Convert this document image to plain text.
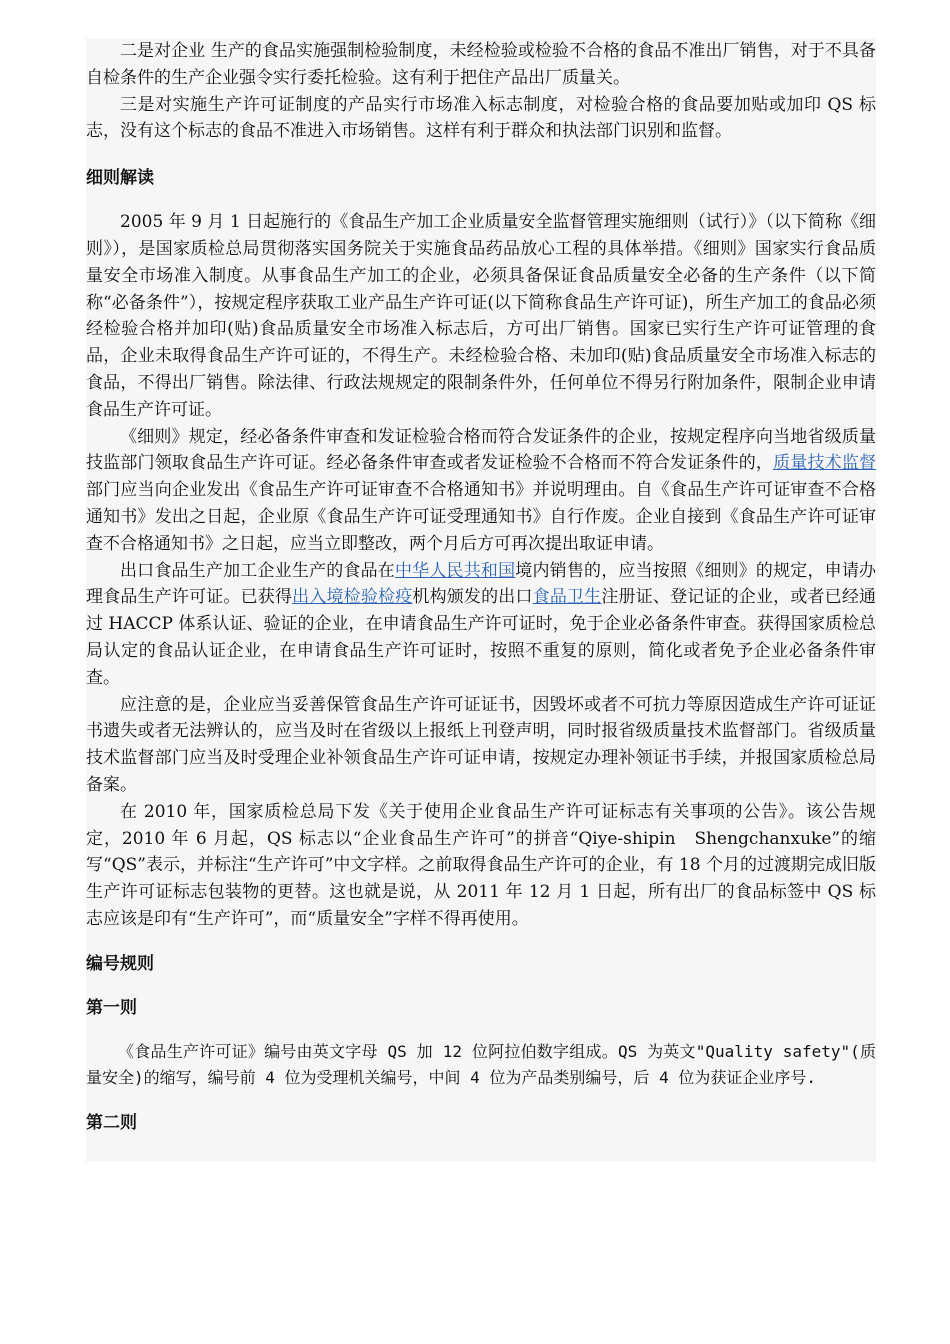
二是对企业 生产的食品实施强制检验制度，未经检验或检验不合格的食品不准出厂销售，对于不具备自检条件的生产企业强令实行委托检验。这有利于把住产品出厂质量关。

三是对实施生产许可证制度的产品实行市场准入标志制度，对检验合格的食品要加贴或加印 QS 标志，没有这个标志的食品不准进入市场销售。这样有利于群众和执法部门识别和监督。

细则解读

2005 年 9 月 1 日起施行的《食品生产加工企业质量安全监督管理实施细则（试行）》（以下简称《细则》），是国家质检总局贯彻落实国务院关于实施食品药品放心工程的具体举措。《细则》国家实行食品质量安全市场准入制度。从事食品生产加工的企业，必须具备保证食品质量安全必备的生产条件（以下简称“必备条件”），按规定程序获取工业产品生产许可证(以下简称食品生产许可证)，所生产加工的食品必须经检验合格并加印(贴)食品质量安全市场准入标志后，方可出厂销售。国家已实行生产许可证管理的食品，企业未取得食品生产许可证的，不得生产。未经检验合格、未加印(贴)食品质量安全市场准入标志的食品，不得出厂销售。除法律、行政法规规定的限制条件外，任何单位不得另行附加条件，限制企业申请食品生产许可证。

《细则》规定，经必备条件审查和发证检验合格而符合发证条件的企业，按规定程序向当地省级质量技监部门领取食品生产许可证。经必备条件审查或者发证检验不合格而不符合发证条件的，质量技术监督部门应当向企业发出《食品生产许可证审查不合格通知书》并说明理由。自《食品生产许可证审查不合格通知书》发出之日起，企业原《食品生产许可证受理通知书》自行作废。企业自接到《食品生产许可证审查不合格通知书》之日起，应当立即整改，两个月后方可再次提出取证申请。

出口食品生产加工企业生产的食品在中华人民共和国境内销售的，应当按照《细则》的规定，申请办理食品生产许可证。已获得出入境检验检疫机构颁发的出口食品卫生注册证、登记证的企业，或者已经通过 HACCP 体系认证、验证的企业，在申请食品生产许可证时，免于企业必备条件审查。获得国家质检总局认定的食品认证企业，在申请食品生产许可证时，按照不重复的原则，简化或者免予企业必备条件审查。

应注意的是，企业应当妥善保管食品生产许可证证书，因毁坏或者不可抗力等原因造成生产许可证证书遗失或者无法辨认的，应当及时在省级以上报纸上刊登声明，同时报省级质量技术监督部门。省级质量技术监督部门应当及时受理企业补领食品生产许可证申请，按规定办理补领证书手续，并报国家质检总局备案。

在 2010 年，国家质检总局下发《关于使用企业食品生产许可证标志有关事项的公告》。该公告规定，2010 年 6 月起，QS 标志以“企业食品生产许可”的拼音“Qiye-shipin　Shengchanxuke”的缩写“QS”表示，并标注“生产许可”中文字样。之前取得食品生产许可的企业，有 18 个月的过渡期完成旧版生产许可证标志包装物的更替。这也就是说，从 2011 年 12 月 1 日起，所有出厂的食品标签中 QS 标志应该是印有“生产许可”，而“质量安全”字样不得再使用。

编号规则
第一则

《食品生产许可证》编号由英文字母 QS 加 12 位阿拉伯数字组成。QS 为英文"Quality safety"(质量安全)的缩写，编号前 4 位为受理机关编号，中间 4 位为产品类别编号，后 4 位为获证企业序号.

第二则
